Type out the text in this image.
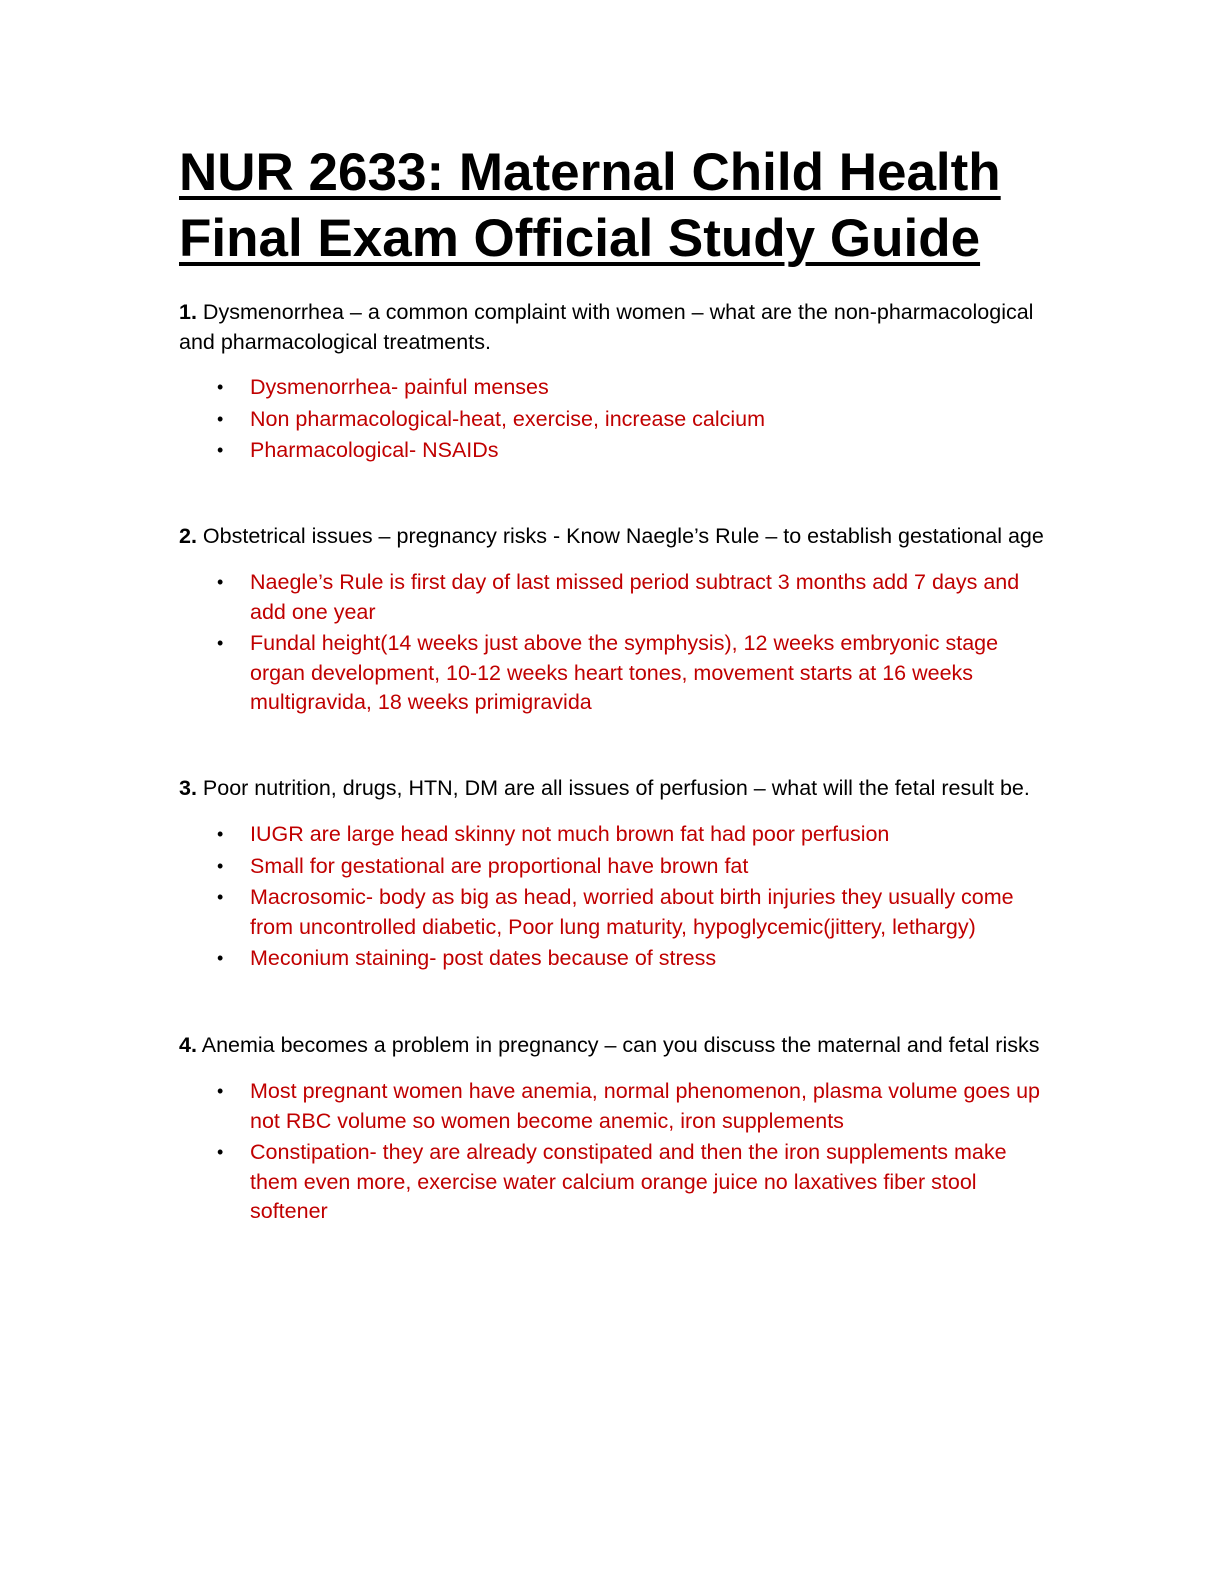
NUR 2633: Maternal Child Health
Final Exam Official Study Guide

1. Dysmenorrhea – a common complaint with women – what are the non-pharmacological and pharmacological treatments.

• Dysmenorrhea- painful menses
• Non pharmacological-heat, exercise, increase calcium
• Pharmacological- NSAIDs

2. Obstetrical issues – pregnancy risks - Know Naegle’s Rule – to establish gestational age

• Naegle’s Rule is first day of last missed period subtract 3 months add 7 days and add one year
• Fundal height(14 weeks just above the symphysis), 12 weeks embryonic stage organ development, 10-12 weeks heart tones, movement starts at 16 weeks multigravida, 18 weeks primigravida

3. Poor nutrition, drugs, HTN, DM are all issues of perfusion – what will the fetal result be.

• IUGR are large head skinny not much brown fat had poor perfusion
• Small for gestational are proportional have brown fat
• Macrosomic- body as big as head, worried about birth injuries they usually come from uncontrolled diabetic, Poor lung maturity, hypoglycemic(jittery, lethargy)
• Meconium staining- post dates because of stress

4. Anemia becomes a problem in pregnancy – can you discuss the maternal and fetal risks

• Most pregnant women have anemia, normal phenomenon, plasma volume goes up not RBC volume so women become anemic, iron supplements
• Constipation- they are already constipated and then the iron supplements make them even more, exercise water calcium orange juice no laxatives fiber stool softener
